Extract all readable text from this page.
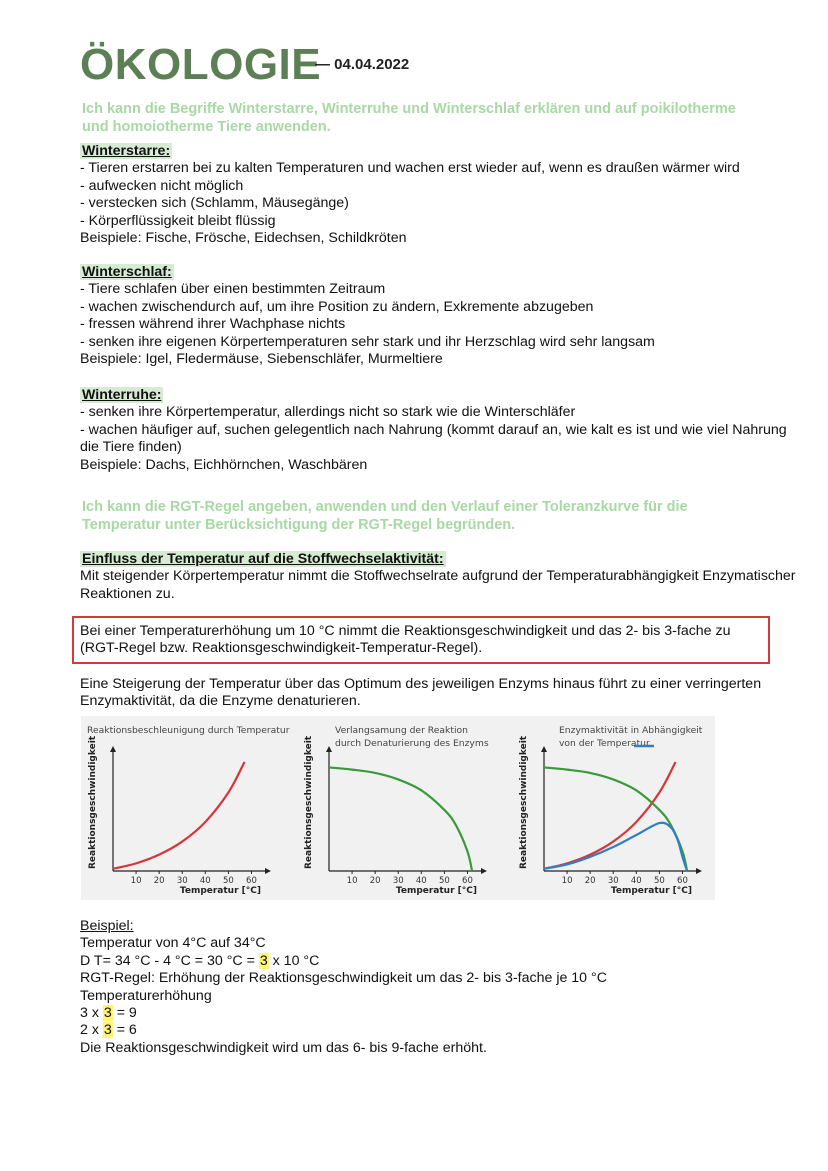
ÖKOLOGIE
— 04.04.2022
Ich kann die Begriffe Winterstarre, Winterruhe und Winterschlaf erklären und auf poikilotherme und homoiotherme Tiere anwenden.
Winterstarre:
- Tieren erstarren bei zu kalten Temperaturen und wachen erst wieder auf, wenn es draußen wärmer wird
- aufwecken nicht möglich
- verstecken sich (Schlamm, Mäusegänge)
- Körperflüssigkeit bleibt flüssig
Beispiele: Fische, Frösche, Eidechsen, Schildkröten
Winterschlaf:
- Tiere schlafen über einen bestimmten Zeitraum
- wachen zwischendurch auf, um ihre Position zu ändern, Exkremente abzugeben
- fressen während ihrer Wachphase nichts
- senken ihre eigenen Körpertemperaturen sehr stark und ihr Herzschlag wird sehr langsam
Beispiele: Igel, Fledermäuse, Siebenschläfer, Murmeltiere
Winterruhe:
- senken ihre Körpertemperatur, allerdings nicht so stark wie die Winterschläfer
- wachen häufiger auf, suchen gelegentlich nach Nahrung (kommt darauf an, wie kalt es ist und wie viel Nahrung die Tiere finden)
Beispiele: Dachs, Eichhörnchen, Waschbären
Ich kann die RGT-Regel angeben, anwenden und den Verlauf einer Toleranzkurve für die Temperatur unter Berücksichtigung der RGT-Regel begründen.
Einfluss der Temperatur auf die Stoffwechselaktivität:
Mit steigender Körpertemperatur nimmt die Stoffwechselrate aufgrund der Temperaturabhängigkeit Enzymatischer Reaktionen zu.
Bei einer Temperaturerhöhung um 10 °C nimmt die Reaktionsgeschwindigkeit und das 2- bis 3-fache zu (RGT-Regel bzw. Reaktionsgeschwindigkeit-Temperatur-Regel).
Eine Steigerung der Temperatur über das Optimum des jeweiligen Enzyms hinaus führt zu einer verringerten Enzymaktivität, da die Enzyme denaturieren.
Reaktionsbeschleunigung durch Temperatur
Reaktionsgeschwindigkeit
10 20 30 40 50 60
Temperatur [°C]
Verlangsamung der Reaktion
durch Denaturierung des Enzyms
Reaktionsgeschwindigkeit
10 20 30 40 50 60
Temperatur [°C]
Enzymaktivität in Abhängigkeit
von der Temperatur
Reaktionsgeschwindigkeit
10 20 30 40 50 60
Temperatur [°C]
Beispiel:
Temperatur von 4°C auf 34°C
D T= 34 °C - 4 °C = 30 °C = 3 x 10 °C
RGT-Regel: Erhöhung der Reaktionsgeschwindigkeit um das 2- bis 3-fache je 10 °C
Temperaturerhöhung
3 x 3 = 9
2 x 3 = 6
Die Reaktionsgeschwindigkeit wird um das 6- bis 9-fache erhöht.
